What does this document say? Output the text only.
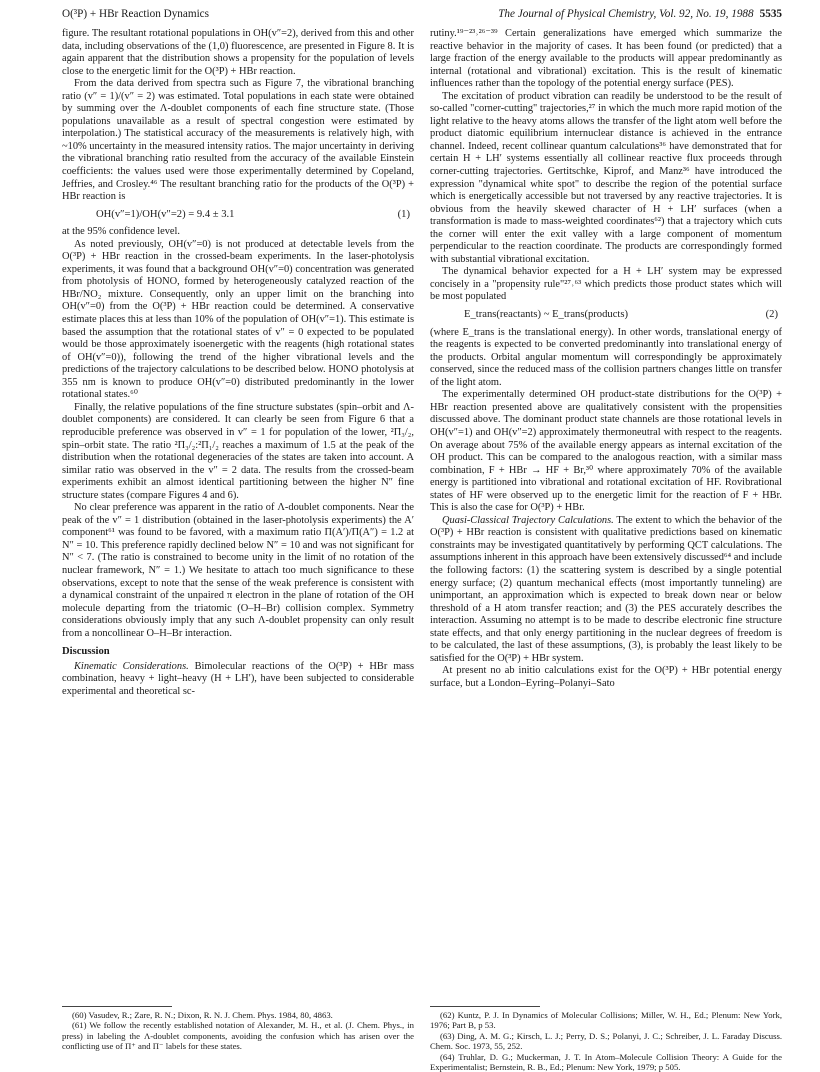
O(³P) + HBr Reaction Dynamics	The Journal of Physical Chemistry, Vol. 92, No. 19, 1988 5535

figure. The resultant rotational populations in OH(v″=2), derived from this and other data, including observations of the (1,0) fluorescence, are presented in Figure 8. It is again apparent that the distribution shows a propensity for the population of levels close to the energetic limit for the O(³P) + HBr reaction.

From the data derived from spectra such as Figure 7, the vibrational branching ratio (v″ = 1)/(v″ = 2) was estimated. Total populations in each state were obtained by summing over the Λ-doublet components of each fine structure state. (Those populations unavailable as a result of spectral congestion were estimated by interpolation.) The statistical accuracy of the measurements is relatively high, with ~10% uncertainty in the measured intensity ratios. The major uncertainty in deriving the vibrational branching ratio resulted from the accuracy of the available Einstein coefficients: the values used were those experimentally determined by Copeland, Jeffries, and Crosley.⁴⁶ The resultant branching ratio for the products of the O(³P) + HBr reaction is

OH(v″=1)/OH(v″=2) = 9.4 ± 3.1	(1)

at the 95% confidence level.

As noted previously, OH(v″=0) is not produced at detectable levels from the O(³P) + HBr reaction in the crossed-beam experiments. In the laser-photolysis experiments, it was found that a background OH(v″=0) concentration was generated from photolysis of HONO, formed by heterogeneously catalyzed reaction of the HBr/NO₂ mixture. Consequently, only an upper limit on the branching into OH(v″=0) from the O(³P) + HBr reaction could be determined. A conservative estimate places this at less than 10% of the population of OH(v″=1). This estimate is based the assumption that the rotational states of v″ = 0 expected to be populated would be those approximately isoenergetic with the reagents (high rotational states of OH(v″=0)), following the trend of the higher vibrational levels and the predictions of the trajectory calculations to be described below. HONO photolysis at 355 nm is known to produce OH(v″=0) distributed predominantly in the lower rotational states.⁶⁰

Finally, the relative populations of the fine structure substates (spin–orbit and Λ-doublet components) are considered. It can clearly be seen from Figure 6 that a reproducible preference was observed in v″ = 1 for population of the lower, ²Π₃/₂, spin–orbit state. The ratio ²Π₃/₂:²Π₁/₂ reaches a maximum of 1.5 at the peak of the distribution when the rotational degeneracies of the states are taken into account. A similar ratio was observed in the v″ = 2 data. The results from the crossed-beam experiments exhibit an almost identical partitioning between the higher N″ fine structure states (compare Figures 4 and 6).

No clear preference was apparent in the ratio of Λ-doublet components. Near the peak of the v″ = 1 distribution (obtained in the laser-photolysis experiments) the A′ component⁶¹ was found to be favored, with a maximum ratio Π(A′)/Π(A″) = 1.2 at N″ = 10. This preference rapidly declined below N″ = 10 and was not significant for N″ < 7. (The ratio is constrained to become unity in the limit of no rotation of the nuclear framework, N″ = 1.) We hesitate to attach too much significance to these observations, except to note that the sense of the weak preference is consistent with a dynamical constraint of the unpaired π electron in the plane of rotation of the OH molecule departing from the triatomic (O–H–Br) collision complex. Symmetry considerations obviously imply that any such Λ-doublet propensity can only result from a noncollinear O–H–Br interaction.

Discussion

Kinematic Considerations. Bimolecular reactions of the O(³P) + HBr mass combination, heavy + light–heavy (H + LH′), have been subjected to considerable experimental and theoretical sc-

rutiny.¹⁹⁻²³˒²⁶⁻³⁹ Certain generalizations have emerged which summarize the reactive behavior in the majority of cases. It has been found (or predicted) that a large fraction of the energy available to the products will appear predominantly as internal (rotational and vibrational) excitation. This is the result of kinematic influences rather than the topology of the potential energy surface (PES).

The excitation of product vibration can readily be understood to be the result of so-called "corner-cutting" trajectories,²⁷ in which the much more rapid motion of the light relative to the heavy atoms allows the transfer of the light atom well before the product diatomic equilibrium internuclear distance is achieved in the entrance channel. Indeed, recent collinear quantum calculations³⁶ have demonstrated that for certain H + LH′ systems essentially all collinear reactive flux proceeds through corner-cutting trajectories. Gertitschke, Kiprof, and Manz³⁶ have introduced the expression "dynamical white spot" to describe the region of the potential surface which is energetically accessible but not traversed by any reactive trajectories. It is obvious from the heavily skewed character of H + LH′ surfaces (when a transformation is made to mass-weighted coordinates⁶²) that a trajectory which cuts the corner will enter the exit valley with a large component of momentum perpendicular to the reaction coordinate. The products are correspondingly formed with substantial vibrational excitation.

The dynamical behavior expected for a H + LH′ system may be expressed concisely in a "propensity rule"²⁷˒⁶³ which predicts those product states which will be most populated

E_trans(reactants) ~ E_trans(products)	(2)

(where E_trans is the translational energy). In other words, translational energy of the reagents is expected to be converted predominantly into translational energy of the products. Orbital angular momentum will correspondingly be approximately conserved, since the reduced mass of the collision partners changes little on transfer of the light atom.

The experimentally determined OH product-state distributions for the O(³P) + HBr reaction presented above are qualitatively consistent with the propensities discussed above. The dominant product state channels are those rotational levels in OH(v″=1) and OH(v″=2) approximately thermoneutral with respect to the reagents. On average about 75% of the available energy appears as internal excitation of the OH product. This can be compared to the analogous reaction, with a similar mass combination, F + HBr → HF + Br,³⁰ where approximately 70% of the available energy is partitioned into vibrational and rotational excitation of HF. Rovibrational states of HF were observed up to the energetic limit for the reaction of F + HBr. This is also the case for O(³P) + HBr.

Quasi-Classical Trajectory Calculations. The extent to which the behavior of the O(³P) + HBr reaction is consistent with qualitative predictions based on kinematic constraints may be investigated quantitatively by performing QCT calculations. The assumptions inherent in this approach have been extensively discussed⁶⁴ and include the following factors: (1) the scattering system is described by a single potential energy surface; (2) quantum mechanical effects (most importantly tunneling) are unimportant, an approximation which is expected to break down near or below threshold of a H atom transfer reaction; and (3) the PES accurately describes the interaction. Assuming no attempt is to be made to describe electronic fine structure state effects, and that only energy partitioning in the nuclear degrees of freedom is to be calculated, the last of these assumptions, (3), is probably the least likely to be satisfied for the O(³P) + HBr system.

At present no ab initio calculations exist for the O(³P) + HBr potential energy surface, but a London–Eyring–Polanyi–Sato

(60) Vasudev, R.; Zare, R. N.; Dixon, R. N. J. Chem. Phys. 1984, 80, 4863.

(61) We follow the recently established notation of Alexander, M. H., et al. (J. Chem. Phys., in press) in labeling the Λ-doublet components, avoiding the confusion which has arisen over the conflicting use of Π⁺ and Π⁻ labels for these states.

(62) Kuntz, P. J. In Dynamics of Molecular Collisions; Miller, W. H., Ed.; Plenum: New York, 1976; Part B, p 53.

(63) Ding, A. M. G.; Kirsch, L. J.; Perry, D. S.; Polanyi, J. C.; Schreiber, J. L. Faraday Discuss. Chem. Soc. 1973, 55, 252.

(64) Truhlar, D. G.; Muckerman, J. T. In Atom–Molecule Collision Theory: A Guide for the Experimentalist; Bernstein, R. B., Ed.; Plenum: New York, 1979; p 505.
